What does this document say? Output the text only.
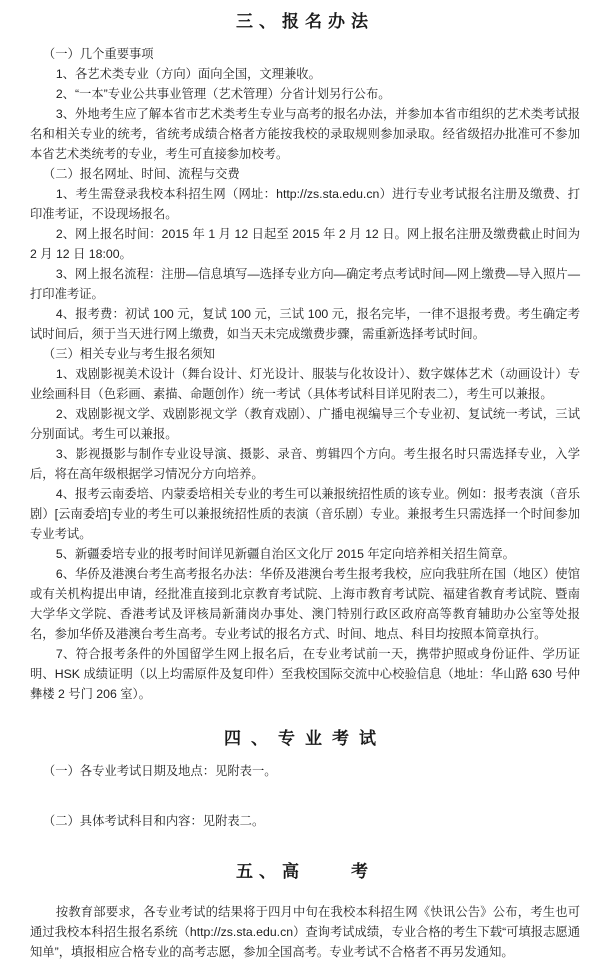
三、报名办法

（一）几个重要事项

1、各艺术类专业（方向）面向全国，文理兼收。

2、“一本”专业公共事业管理（艺术管理）分省计划另行公布。

3、外地考生应了解本省市艺术类考生专业与高考的报名办法，并参加本省市组织的艺术类考试报名和相关专业的统考，省统考成绩合格者方能按我校的录取规则参加录取。经省级招办批准可不参加本省艺术类统考的专业，考生可直接参加校考。

（二）报名网址、时间、流程与交费

1、考生需登录我校本科招生网（网址：http://zs.sta.edu.cn）进行专业考试报名注册及缴费、打印准考证，不设现场报名。

2、网上报名时间：2015 年 1 月 12 日起至 2015 年 2 月 12 日。网上报名注册及缴费截止时间为 2 月 12 日 18:00。

3、网上报名流程：注册—信息填写—选择专业方向—确定考点考试时间—网上缴费—导入照片—打印准考证。

4、报考费：初试 100 元，复试 100 元，三试 100 元，报名完毕，一律不退报考费。考生确定考试时间后，须于当天进行网上缴费，如当天未完成缴费步骤，需重新选择考试时间。

（三）相关专业与考生报名须知

1、戏剧影视美术设计（舞台设计、灯光设计、服装与化妆设计）、数字媒体艺术（动画设计）专业绘画科目（色彩画、素描、命题创作）统一考试（具体考试科目详见附表二），考生可以兼报。

2、戏剧影视文学、戏剧影视文学（教育戏剧）、广播电视编导三个专业初、复试统一考试，三试分别面试。考生可以兼报。

3、影视摄影与制作专业设导演、摄影、录音、剪辑四个方向。考生报名时只需选择专业，入学后，将在高年级根据学习情况分方向培养。

4、报考云南委培、内蒙委培相关专业的考生可以兼报统招性质的该专业。例如：报考表演（音乐剧）[云南委培]专业的考生可以兼报统招性质的表演（音乐剧）专业。兼报考生只需选择一个时间参加专业考试。

5、新疆委培专业的报考时间详见新疆自治区文化厅 2015 年定向培养相关招生简章。

6、华侨及港澳台考生高考报名办法：华侨及港澳台考生报考我校，应向我驻所在国（地区）使馆或有关机构提出申请，经批准直接到北京教育考试院、上海市教育考试院、福建省教育考试院、暨南大学华文学院、香港考试及评核局新蒲岗办事处、澳门特别行政区政府高等教育辅助办公室等处报名，参加华侨及港澳台考生高考。专业考试的报名方式、时间、地点、科目均按照本简章执行。

7、符合报考条件的外国留学生网上报名后，在专业考试前一天，携带护照或身份证件、学历证明、HSK 成绩证明（以上均需原件及复印件）至我校国际交流中心校验信息（地址：华山路 630 号仲彝楼 2 号门 206 室）。

四、专业考试

（一）各专业考试日期及地点：见附表一。

（二）具体考试科目和内容：见附表二。

五、高　　考

按教育部要求，各专业考试的结果将于四月中旬在我校本科招生网《快讯公告》公布，考生也可通过我校本科招生报名系统（http://zs.sta.edu.cn）查询考试成绩，专业合格的考生下载“可填报志愿通知单”，填报相应合格专业的高考志愿，参加全国高考。专业考试不合格者不再另发通知。
